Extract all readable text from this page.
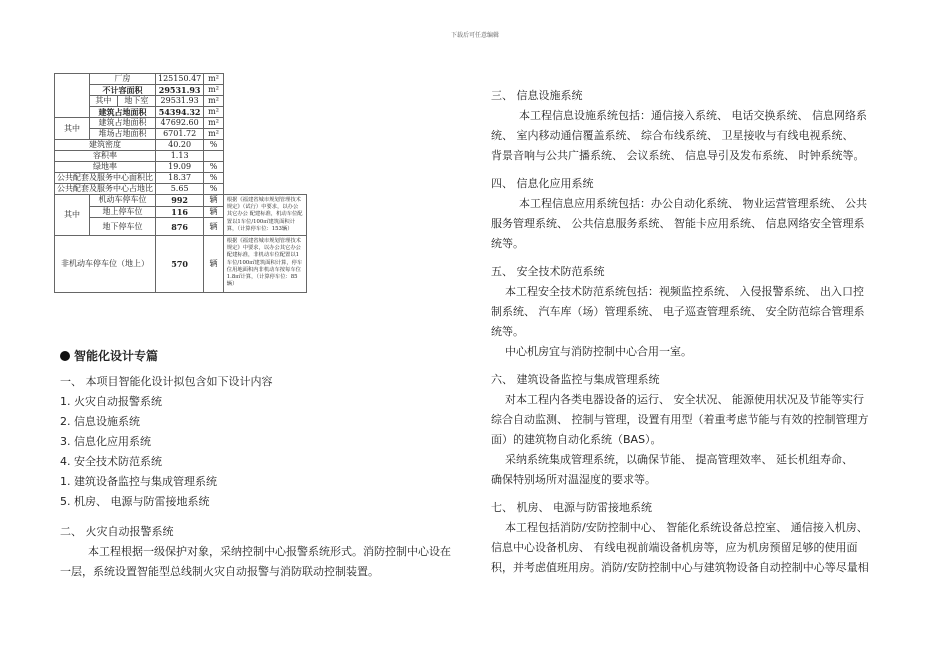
下载后可任意编辑
	厂房		125150.47	m²	
	不计容面积		29531.93	m²	
	其中	地下室	29531.93	m²	
	建筑占地面积		54394.32	m²	
其中	建筑占地面积		47692.60	m²	
	堆场占地面积		6701.72	m²	
建筑密度			40.20	%	
容积率			1.13		
绿地率			19.09	%	
公共配套及服务中心面积比			18.37	%	
公共配套及服务中心占地比			5.65	%	
其中	机动车停车位		992	辆	根据《福建省城市规划管理技术规定》（试行）中要求，以办公其它办公 配建标准，机动车位配置以1车位/100㎡建筑面积计算，（计算停车位：153辆）
	地上停车位		116	辆	
	地下停车位		876	辆	
非机动车停车位（地上）			570	辆	根据《福建省城市规划管理技术规定》中要求，以办公其它办公 配建标准，非机动车位配置以1车位/100㎡建筑面积计算，停车位用地面积内非机动车按每车位1.8㎡计算，（计算停车位：85辆）
智能化设计专篇
一、 本项目智能化设计拟包含如下设计内容
1. 火灾自动报警系统
2. 信息设施系统
3. 信息化应用系统
4. 安全技术防范系统
1. 建筑设备监控与集成管理系统
5. 机房、 电源与防雷接地系统
二、 火灾自动报警系统
本工程根据一级保护对象，采纳控制中心报警系统形式。消防控制中心设在
一层，系统设置智能型总线制火灾自动报警与消防联动控制装置。
三、 信息设施系统
本工程信息设施系统包括：通信接入系统、 电话交换系统、 信息网络系
统、 室内移动通信覆盖系统、 综合布线系统、 卫星接收与有线电视系统、
背景音响与公共广播系统、 会议系统、 信息导引及发布系统、 时钟系统等。
四、 信息化应用系统
本工程信息应用系统包括：办公自动化系统、 物业运营管理系统、 公共
服务管理系统、 公共信息服务系统、 智能卡应用系统、 信息网络安全管理系
统等。
五、 安全技术防范系统
本工程安全技术防范系统包括：视频监控系统、 入侵报警系统、 出入口控
制系统、 汽车库（场）管理系统、 电子巡查管理系统、 安全防范综合管理系
统等。
中心机房宜与消防控制中心合用一室。
六、 建筑设备监控与集成管理系统
对本工程内各类电器设备的运行、 安全状况、 能源使用状况及节能等实行
综合自动监测、 控制与管理，设置有用型（着重考虑节能与有效的控制管理方
面）的建筑物自动化系统（BAS）。
采纳系统集成管理系统，以确保节能、 提高管理效率、 延长机组寿命、
确保特别场所对温湿度的要求等。
七、 机房、 电源与防雷接地系统
本工程包括消防/安防控制中心、 智能化系统设备总控室、 通信接入机房、
信息中心设备机房、 有线电视前端设备机房等，应为机房预留足够的使用面
积，并考虑值班用房。消防/安防控制中心与建筑物设备自动控制中心等尽量相
